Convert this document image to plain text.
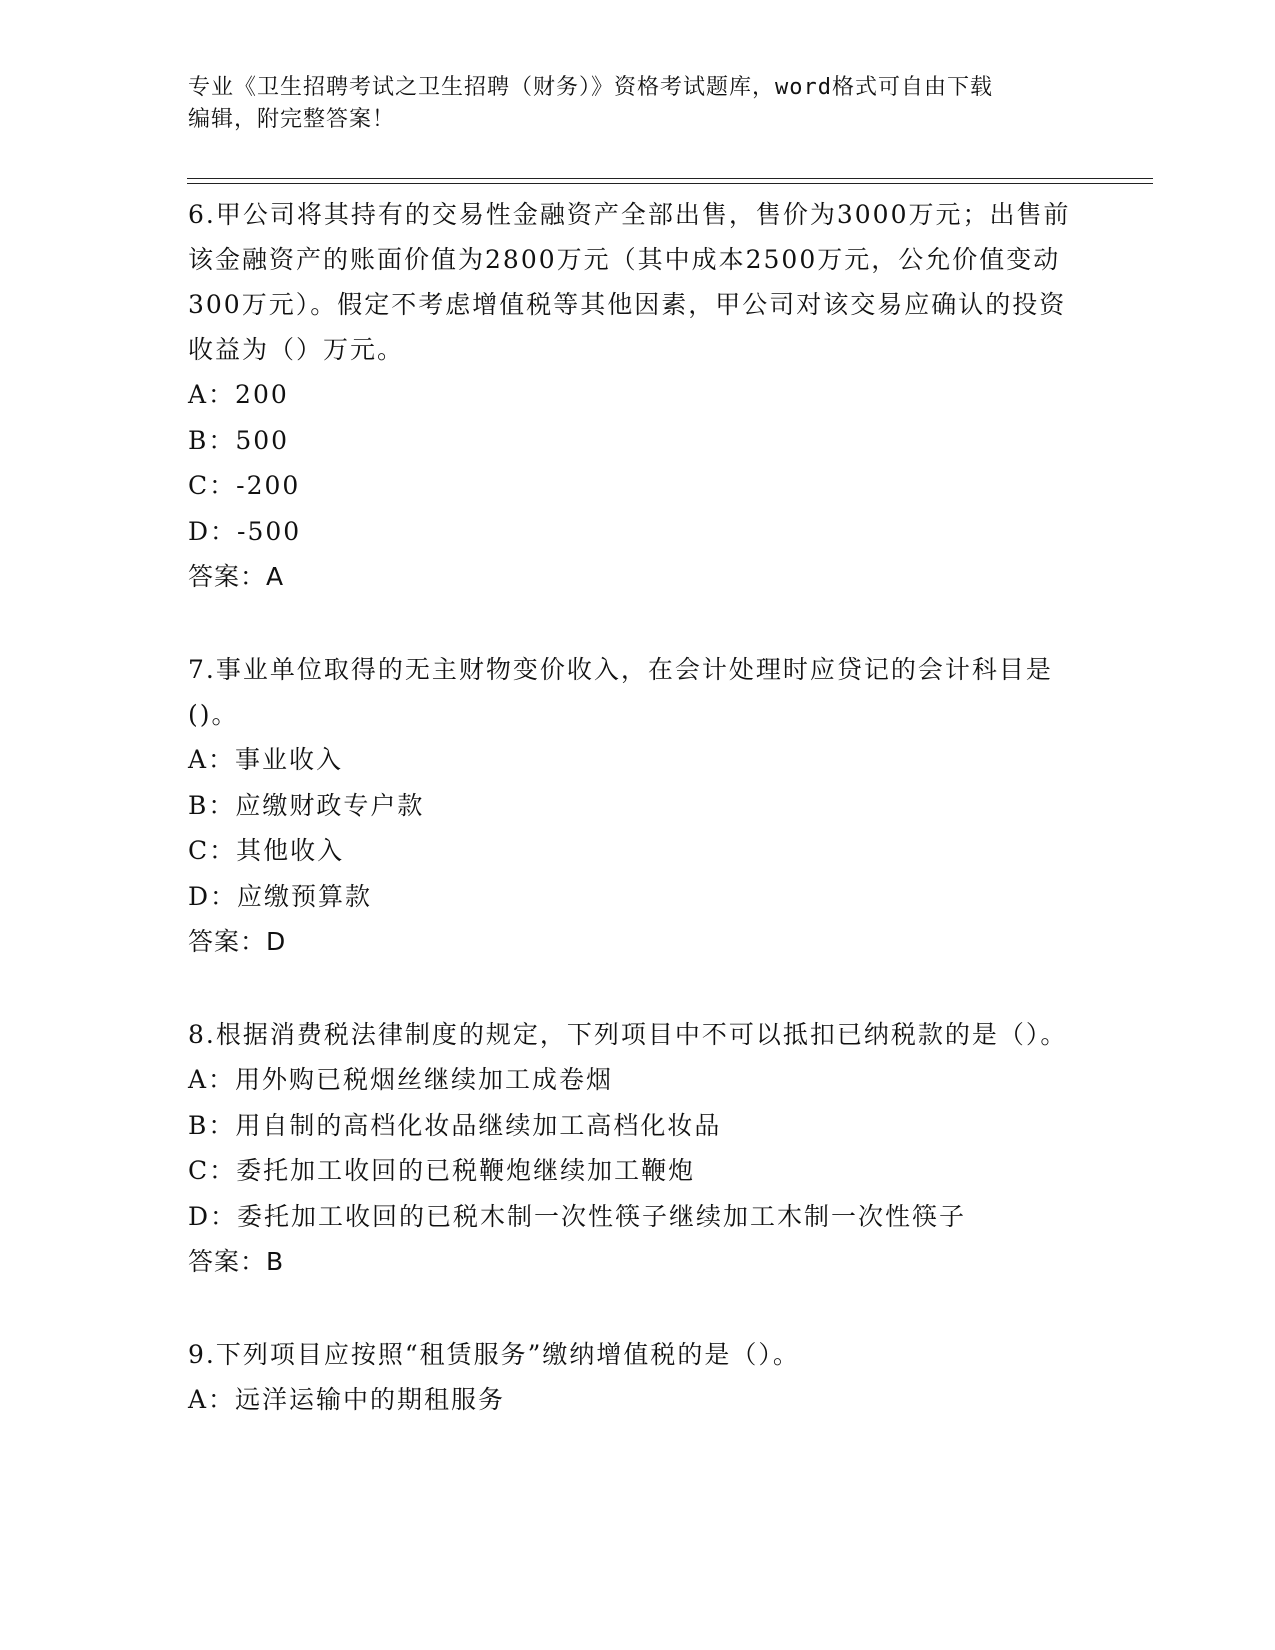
专业《卫生招聘考试之卫生招聘（财务）》资格考试题库，word格式可自由下载
编辑，附完整答案！

6.甲公司将其持有的交易性金融资产全部出售，售价为3000万元；出售前该金融资产的账面价值为2800万元（其中成本2500万元，公允价值变动300万元）。假定不考虑增值税等其他因素，甲公司对该交易应确认的投资收益为（）万元。

A：200

B：500

C：-200

D：-500

答案：A

7.事业单位取得的无主财物变价收入，在会计处理时应贷记的会计科目是()。

A：事业收入

B：应缴财政专户款

C：其他收入

D：应缴预算款

答案：D

8.根据消费税法律制度的规定，下列项目中不可以抵扣已纳税款的是（）。

A：用外购已税烟丝继续加工成卷烟

B：用自制的高档化妆品继续加工高档化妆品

C：委托加工收回的已税鞭炮继续加工鞭炮

D：委托加工收回的已税木制一次性筷子继续加工木制一次性筷子

答案：B

9.下列项目应按照“租赁服务”缴纳增值税的是（）。

A：远洋运输中的期租服务
